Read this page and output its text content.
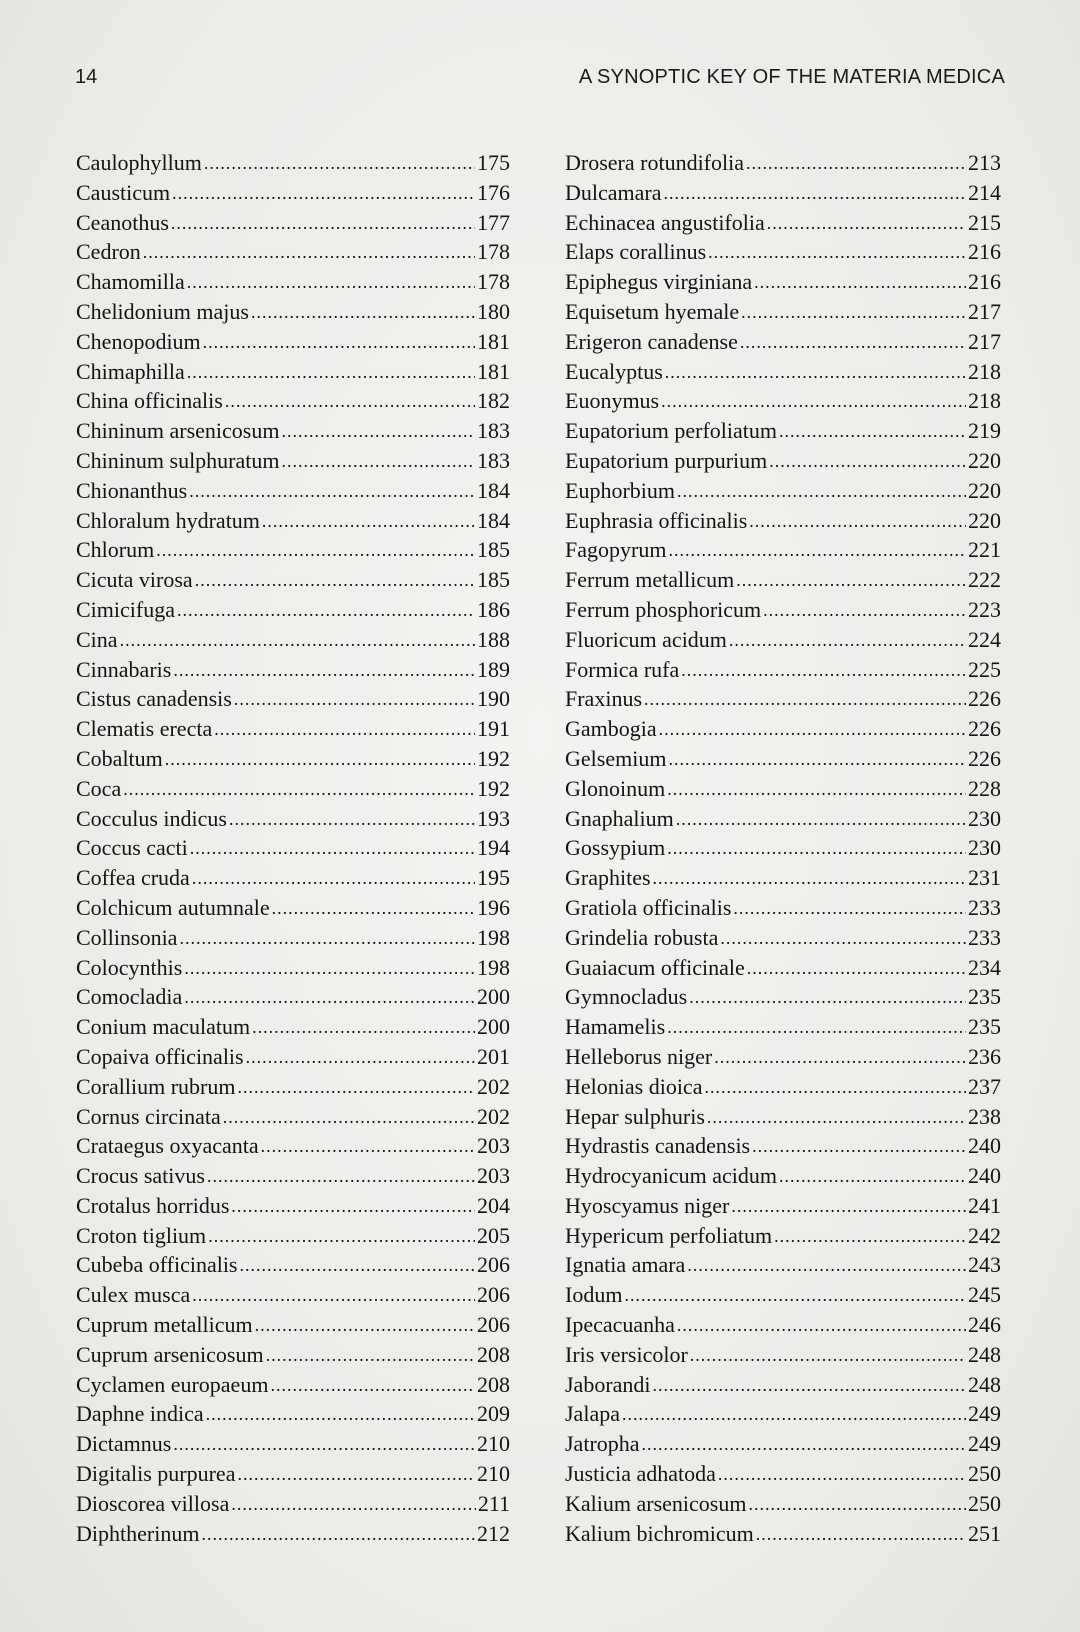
14	A SYNOPTIC KEY OF THE MATERIA MEDICA
Caulophyllum .....	175
Causticum .....	176
Ceanothus .....	177
Cedron .....	178
Chamomilla .....	178
Chelidonium majus .....	180
Chenopodium .....	181
Chimaphilla .....	181
China officinalis .....	182
Chininum arsenicosum .....	183
Chininum sulphuratum .....	183
Chionanthus .....	184
Chloralum hydratum .....	184
Chlorum .....	185
Cicuta virosa .....	185
Cimicifuga .....	186
Cina .....	188
Cinnabaris .....	189
Cistus canadensis .....	190
Clematis erecta .....	191
Cobaltum .....	192
Coca .....	192
Cocculus indicus .....	193
Coccus cacti .....	194
Coffea cruda .....	195
Colchicum autumnale .....	196
Collinsonia .....	198
Colocynthis .....	198
Comocladia .....	200
Conium maculatum .....	200
Copaiva officinalis .....	201
Corallium rubrum .....	202
Cornus circinata .....	202
Crataegus oxyacanta .....	203
Crocus sativus .....	203
Crotalus horridus .....	204
Croton tiglium .....	205
Cubeba officinalis .....	206
Culex musca .....	206
Cuprum metallicum .....	206
Cuprum arsenicosum .....	208
Cyclamen europaeum .....	208
Daphne indica .....	209
Dictamnus .....	210
Digitalis purpurea .....	210
Dioscorea villosa .....	211
Diphtherinum .....	212
Drosera rotundifolia .....	213
Dulcamara .....	214
Echinacea angustifolia .....	215
Elaps corallinus .....	216
Epiphegus virginiana .....	216
Equisetum hyemale .....	217
Erigeron canadense .....	217
Eucalyptus .....	218
Euonymus .....	218
Eupatorium perfoliatum .....	219
Eupatorium purpurium .....	220
Euphorbium .....	220
Euphrasia officinalis .....	220
Fagopyrum .....	221
Ferrum metallicum .....	222
Ferrum phosphoricum .....	223
Fluoricum acidum .....	224
Formica rufa .....	225
Fraxinus .....	226
Gambogia .....	226
Gelsemium .....	226
Glonoinum .....	228
Gnaphalium .....	230
Gossypium .....	230
Graphites .....	231
Gratiola officinalis .....	233
Grindelia robusta .....	233
Guaiacum officinale .....	234
Gymnocladus .....	235
Hamamelis .....	235
Helleborus niger .....	236
Helonias dioica .....	237
Hepar sulphuris .....	238
Hydrastis canadensis .....	240
Hydrocyanicum acidum .....	240
Hyoscyamus niger .....	241
Hypericum perfoliatum .....	242
Ignatia amara .....	243
Iodum .....	245
Ipecacuanha .....	246
Iris versicolor .....	248
Jaborandi .....	248
Jalapa .....	249
Jatropha .....	249
Justicia adhatoda .....	250
Kalium arsenicosum .....	250
Kalium bichromicum .....	251
